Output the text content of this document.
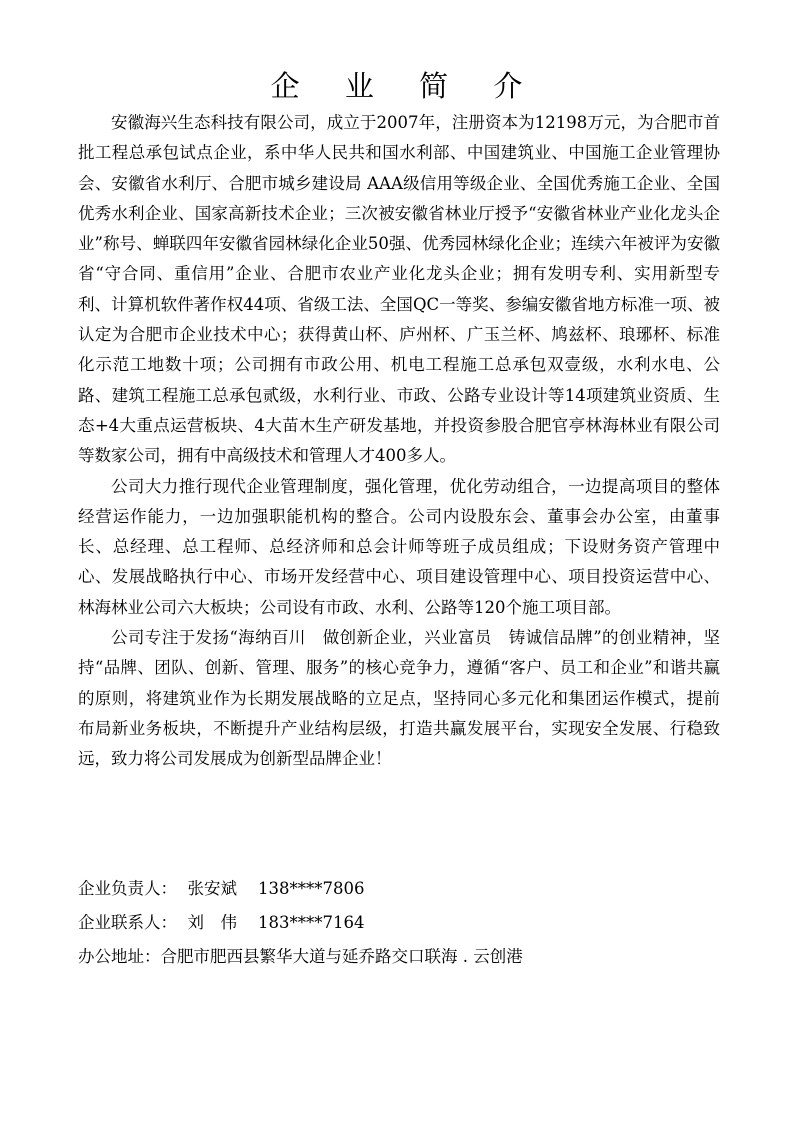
企 业 简 介

安徽海兴生态科技有限公司，成立于2007年，注册资本为12198万元，为合肥市首批工程总承包试点企业，系中华人民共和国水利部、中国建筑业、中国施工企业管理协会、安徽省水利厅、合肥市城乡建设局 AAA级信用等级企业、全国优秀施工企业、全国优秀水利企业、国家高新技术企业；三次被安徽省林业厅授予“安徽省林业产业化龙头企业”称号、蝉联四年安徽省园林绿化企业50强、优秀园林绿化企业；连续六年被评为安徽省“守合同、重信用”企业、合肥市农业产业化龙头企业；拥有发明专利、实用新型专利、计算机软件著作权44项、省级工法、全国QC一等奖、参编安徽省地方标准一项、被认定为合肥市企业技术中心；获得黄山杯、庐州杯、广玉兰杯、鸠兹杯、琅琊杯、标准化示范工地数十项；公司拥有市政公用、机电工程施工总承包双壹级，水利水电、公路、建筑工程施工总承包贰级，水利行业、市政、公路专业设计等14项建筑业资质、生态+4大重点运营板块、4大苗木生产研发基地，并投资参股合肥官亭林海林业有限公司等数家公司，拥有中高级技术和管理人才400多人。

公司大力推行现代企业管理制度，强化管理，优化劳动组合，一边提高项目的整体经营运作能力，一边加强职能机构的整合。公司内设股东会、董事会办公室，由董事长、总经理、总工程师、总经济师和总会计师等班子成员组成；下设财务资产管理中心、发展战略执行中心、市场开发经营中心、项目建设管理中心、项目投资运营中心、林海林业公司六大板块；公司设有市政、水利、公路等120个施工项目部。

公司专注于发扬“海纳百川　做创新企业，兴业富员　铸诚信品牌”的创业精神，坚持“品牌、团队、创新、管理、服务”的核心竞争力，遵循“客户、员工和企业”和谐共赢的原则，将建筑业作为长期发展战略的立足点，坚持同心多元化和集团运作模式，提前布局新业务板块，不断提升产业结构层级，打造共赢发展平台，实现安全发展、行稳致远，致力将公司发展成为创新型品牌企业！

企业负责人： 张安斌 138****7806
企业联系人： 刘　伟 183****7164
办公地址：合肥市肥西县繁华大道与延乔路交口联海 . 云创港
